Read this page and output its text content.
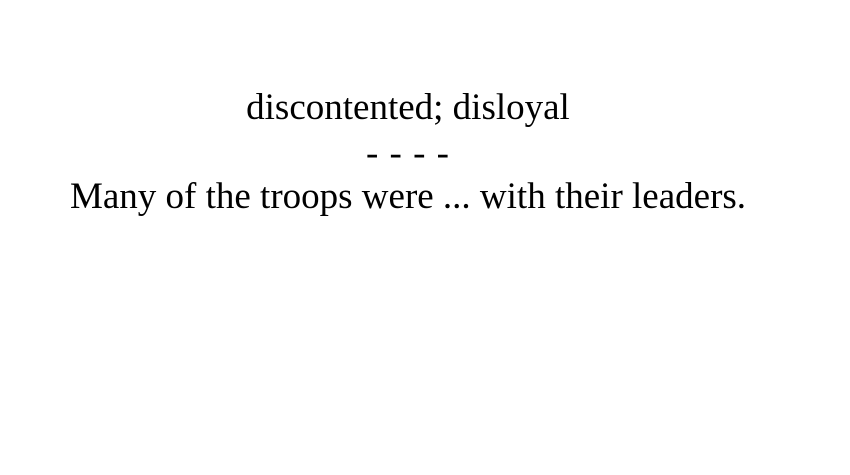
discontented; disloyal
- - - -
Many of the troops were ... with their leaders.
